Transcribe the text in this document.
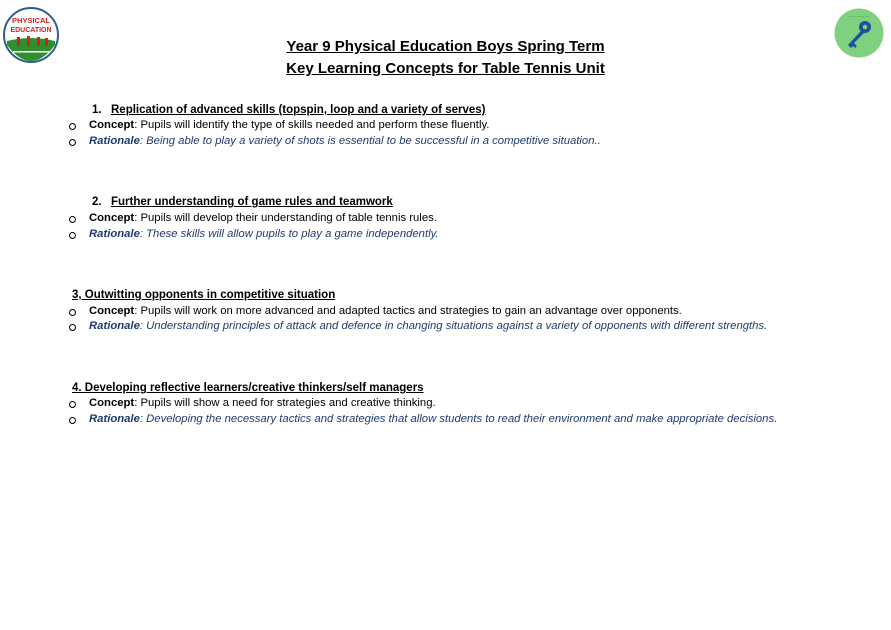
PHYSICAL
EDUCATION
~~~~~~~~
Year 9 Physical Education Boys Spring Term
Key Learning Concepts for Table Tennis Unit
1. Replication of advanced skills (topspin, loop and a variety of serves)
Concept: Pupils will identify the type of skills needed and perform these fluently.
Rationale: Being able to play a variety of shots is essential to be successful in a competitive situation..
2. Further understanding of game rules and teamwork
Concept: Pupils will develop their understanding of table tennis rules.
Rationale: These skills will allow pupils to play a game independently.
3, Outwitting opponents in competitive situation
Concept: Pupils will work on more advanced and adapted tactics and strategies to gain an advantage over opponents.
Rationale: Understanding principles of attack and defence in changing situations against a variety of opponents with different strengths.
4. Developing reflective learners/creative thinkers/self managers
Concept: Pupils will show a need for strategies and creative thinking.
Rationale: Developing the necessary tactics and strategies that allow students to read their environment and make appropriate decisions.
